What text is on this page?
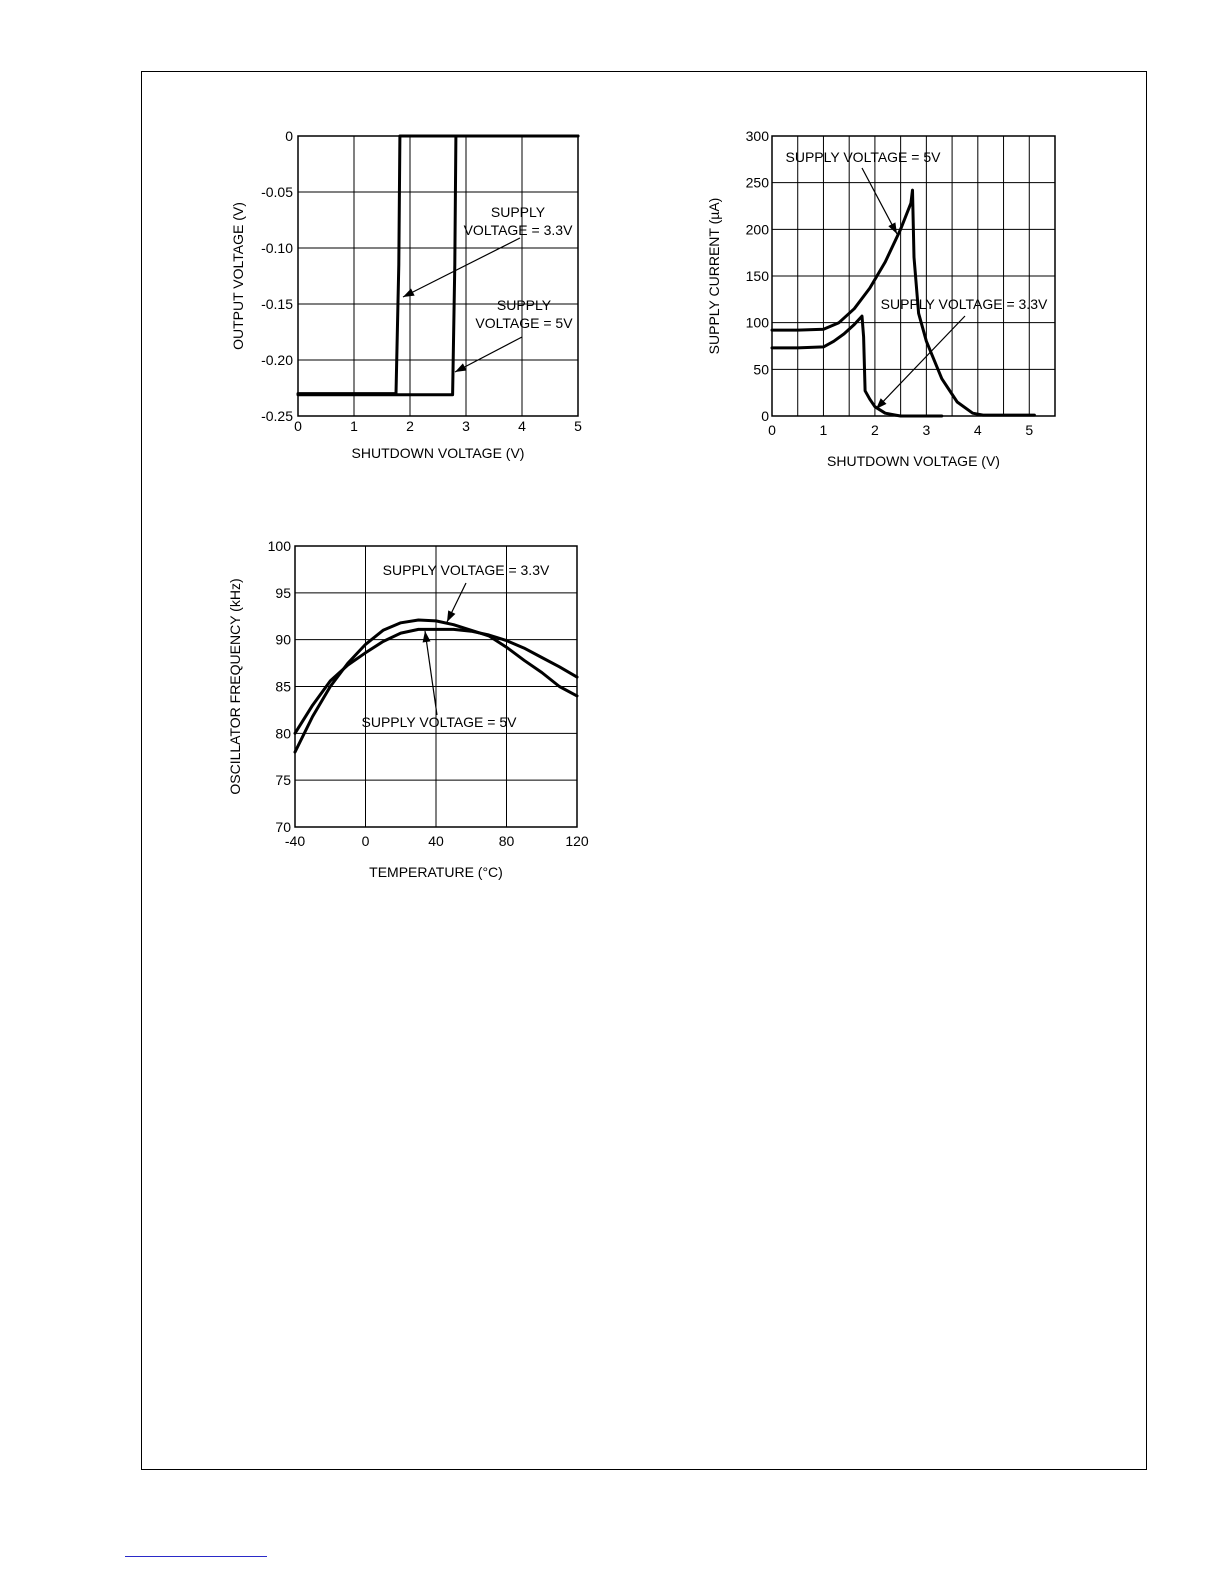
0	1	2	3	4	5
0
-0.05
-0.10
-0.15
-0.20
-0.25
SHUTDOWN VOLTAGE (V)
OUTPUT VOLTAGE (V)	SUPPLY
VOLTAGE = 3.3V
SUPPLY
VOLTAGE = 5V
0	1	2	3	4	5
0
50
100
150
200
250
300
SHUTDOWN VOLTAGE (V)
SUPPLY CURRENT (µA)
SUPPLY VOLTAGE = 5V
SUPPLY VOLTAGE = 3.3V
-40	0	40	80	120
70
75
80
85
90
95
100
TEMPERATURE (°C)
OSCILLATOR FREQUENCY (kHz)
SUPPLY VOLTAGE = 3.3V
SUPPLY VOLTAGE = 5V
